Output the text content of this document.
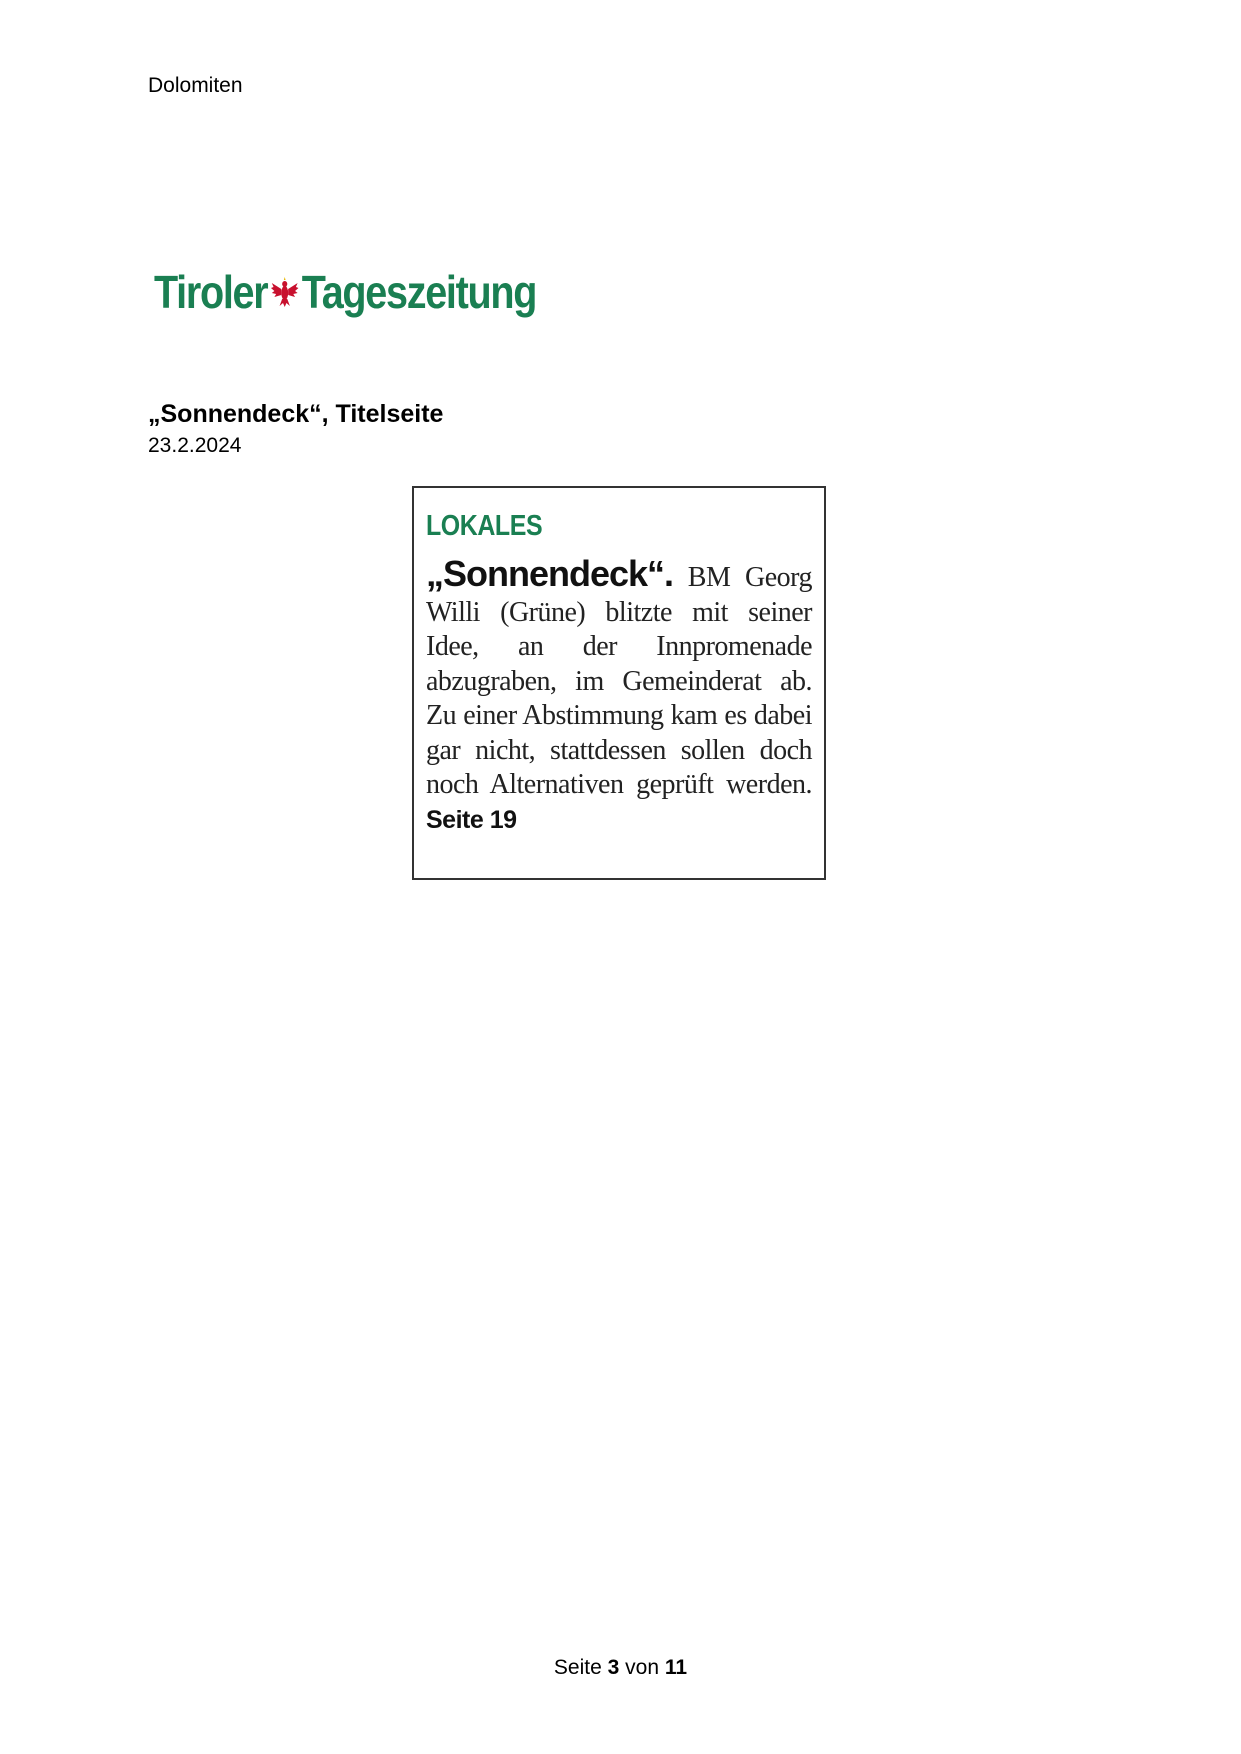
Dolomiten
Tiroler Tageszeitung
„Sonnendeck“, Titelseite
23.2.2024
LOKALES
„Sonnendeck“. BM Georg Willi (Grüne) blitzte mit seiner Idee, an der Innpromenade abzugraben, im Gemeinderat ab. Zu einer Abstimmung kam es dabei gar nicht, stattdessen sollen doch noch Alternativen geprüft werden. Seite 19
Seite 3 von 11
